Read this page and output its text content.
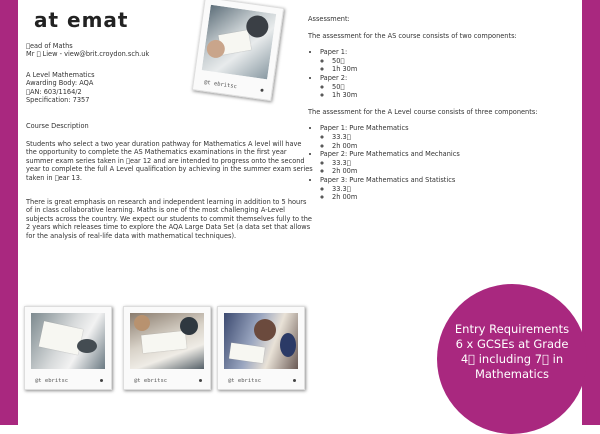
at emat

 ead of Maths

Mr   Liew - view@brit.croydon.sch.uk

A Level Mathematics

Awarding Body: AQA

 AN: 603/1164/2

Specification: 7357

Course Description
Students who select a two year duration pathway for Mathematics A level will have the opportunity to complete the AS Mathematics examinations in the first year summer exam series taken in  ear 12 and are intended to progress onto the second year to complete the full A Level qualification by achieving in the summer exam series taken in  ear 13.
There is great emphasis on research and independent learning in addition to 5 hours of in class collaborative learning. Maths is one of the most challenging A-Level subjects across the country. We expect our students to commit themselves fully to the 2 years which releases time to explore the AQA Large Data Set (a data set that allows for the analysis of real-life data with mathematical techniques).
@t ebritsc

Assessment:

The assessment for the AS course consists of two components:

• Paper 1:
◦ 50 
◦ 1h 30m
• Paper 2:
◦ 50 
◦ 1h 30m

The assessment for the A Level course consists of three components:

• Paper 1: Pure Mathematics
◦ 33.3 
◦ 2h 00m
• Paper 2: Pure Mathematics and Mechanics
◦ 33.3 
◦ 2h 00m
• Paper 3: Pure Mathematics and Statistics
◦ 33.3 
◦ 2h 00m
@t ebritsc	@t ebritsc	@t ebritsc
Entry Requirements
6 x GCSEs at Grade
4  including 7  in
Mathematics
